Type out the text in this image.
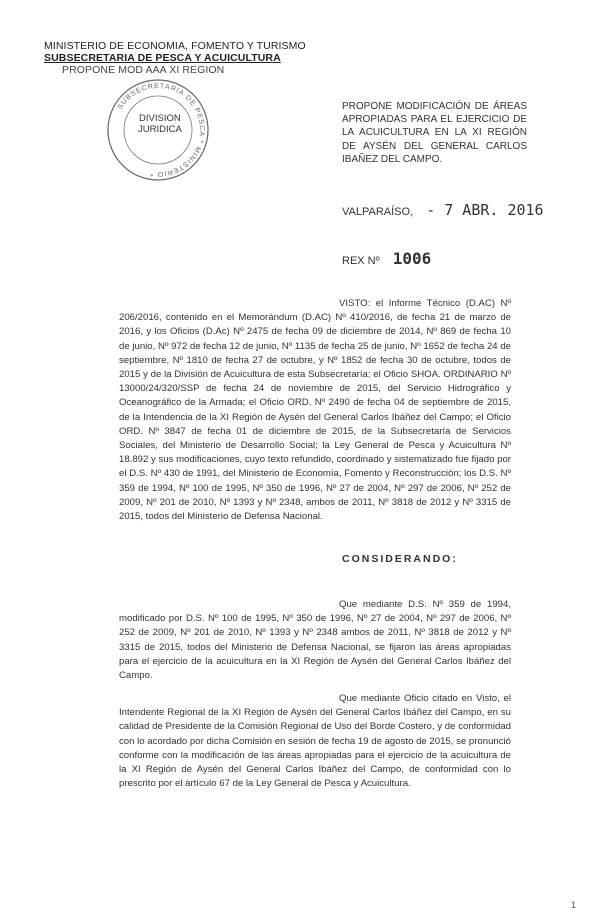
MINISTERIO DE ECONOMIA, FOMENTO Y TURISMO
SUBSECRETARIA DE PESCA Y ACUICULTURA
PROPONE MOD AAA XI REGION
SUBSECRETARIA DE PESCA * MINISTERIO *
DIVISION
JURIDICA
PROPONE MODIFICACIÓN DE ÁREAS APROPIADAS PARA EL EJERCICIO DE LA ACUICULTURA EN LA XI REGIÓN DE AYSÉN DEL GENERAL CARLOS IBAÑEZ DEL CAMPO.
VALPARAÍSO, - 7 ABR. 2016
REX Nº 1006
VISTO: el Informe Técnico (D.AC) Nº 206/2016, contenido en el Memorándum (D.AC) Nº 410/2016, de fecha 21 de marzo de 2016, y los Oficios (D.Ac) Nº 2475 de fecha 09 de diciembre de 2014, Nº 869 de fecha 10 de junio, Nº 972 de fecha 12 de junio, Nº 1135 de fecha 25 de junio, Nº 1652 de fecha 24 de septiembre, Nº 1810 de fecha 27 de octubre, y Nº 1852 de fecha 30 de octubre, todos de 2015 y de la División de Acuicultura de esta Subsecretaría; el Oficio SHOA. ORDINARIO Nº 13000/24/320/SSP de fecha 24 de noviembre de 2015, del Servicio Hidrográfico y Oceanográfico de la Armada; el Oficio ORD. Nº 2490 de fecha 04 de septiembre de 2015, de la Intendencia de la XI Región de Aysén del General Carlos Ibáñez del Campo; el Oficio ORD. Nº 3847 de fecha 01 de diciembre de 2015, de la Subsecretaría de Servicios Sociales, del Ministerio de Desarrollo Social; la Ley General de Pesca y Acuicultura Nº 18.892 y sus modificaciones, cuyo texto refundido, coordinado y sistematizado fue fijado por el D.S. Nº 430 de 1991, del Ministerio de Economía, Fomento y Reconstrucción; los D.S. Nº 359 de 1994, Nº 100 de 1995, Nº 350 de 1996, Nº 27 de 2004, Nº 297 de 2006, Nº 252 de 2009, Nº 201 de 2010, Nº 1393 y Nº 2348, ambos de 2011, Nº 3818 de 2012 y Nº 3315 de 2015, todos del Ministerio de Defensa Nacional.
CONSIDERANDO:
Que mediante D.S. Nº 359 de 1994, modificado por D.S. Nº 100 de 1995, Nº 350 de 1996, Nº 27 de 2004, Nº 297 de 2006, Nº 252 de 2009, Nº 201 de 2010, Nº 1393 y Nº 2348 ambos de 2011, Nº 3818 de 2012 y Nº 3315 de 2015, todos del Ministerio de Defensa Nacional, se fijaron las áreas apropiadas para el ejercicio de la acuicultura en la XI Región de Aysén del General Carlos Ibáñez del Campo.
Que mediante Oficio citado en Visto, el Intendente Regional de la XI Región de Aysén del General Carlos Ibáñez del Campo, en su calidad de Presidente de la Comisión Regional de Uso del Borde Costero, y de conformidad con lo acordado por dicha Comisión en sesión de fecha 19 de agosto de 2015, se pronunció conforme con la modificación de las áreas apropiadas para el ejercicio de la acuicultura de la XI Región de Aysén del General Carlos Ibáñez del Campo, de conformidad con lo prescrito por el artículo 67 de la Ley General de Pesca y Acuicultura.
1
